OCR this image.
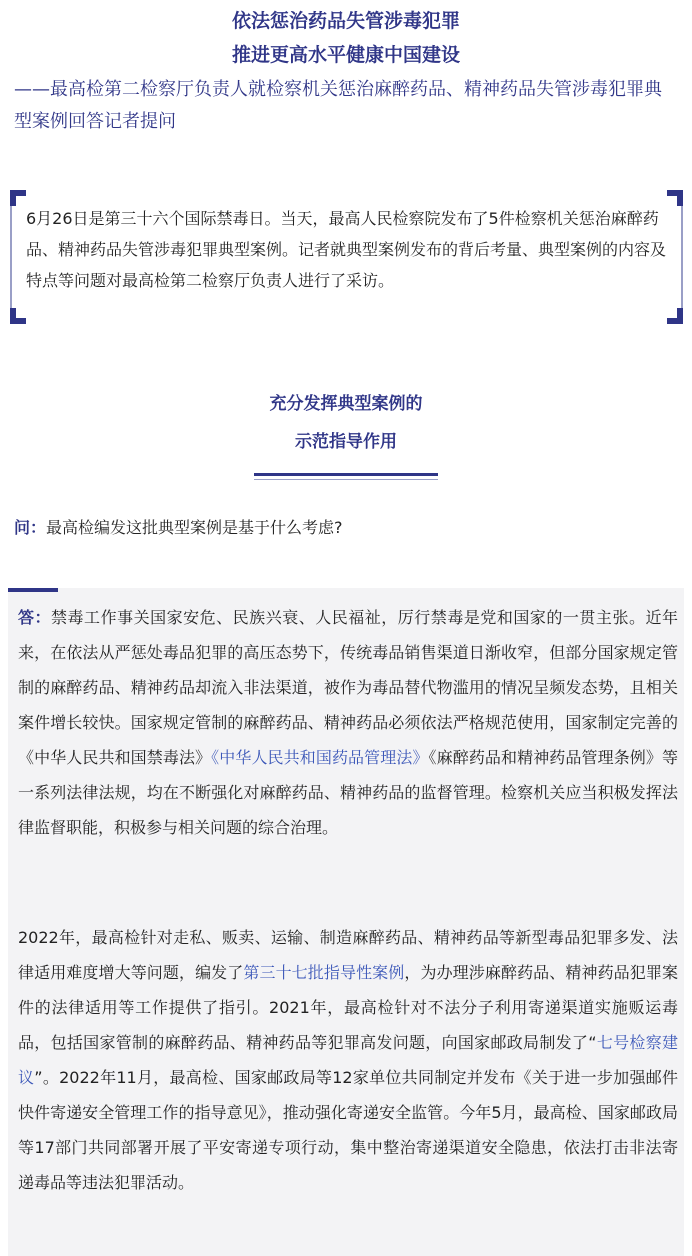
依法惩治药品失管涉毒犯罪
推进更高水平健康中国建设
——最高检第二检察厅负责人就检察机关惩治麻醉药品、精神药品失管涉毒犯罪典型案例回答记者提问
6月26日是第三十六个国际禁毒日。当天，最高人民检察院发布了5件检察机关惩治麻醉药品、精神药品失管涉毒犯罪典型案例。记者就典型案例发布的背后考量、典型案例的内容及特点等问题对最高检第二检察厅负责人进行了采访。
充分发挥典型案例的
示范指导作用
问：最高检编发这批典型案例是基于什么考虑?
答：禁毒工作事关国家安危、民族兴衰、人民福祉，厉行禁毒是党和国家的一贯主张。近年来，在依法从严惩处毒品犯罪的高压态势下，传统毒品销售渠道日渐收窄，但部分国家规定管制的麻醉药品、精神药品却流入非法渠道，被作为毒品替代物滥用的情况呈频发态势，且相关案件增长较快。国家规定管制的麻醉药品、精神药品必须依法严格规范使用，国家制定完善的《中华人民共和国禁毒法》《中华人民共和国药品管理法》《麻醉药品和精神药品管理条例》等一系列法律法规，均在不断强化对麻醉药品、精神药品的监督管理。检察机关应当积极发挥法律监督职能，积极参与相关问题的综合治理。
2022年，最高检针对走私、贩卖、运输、制造麻醉药品、精神药品等新型毒品犯罪多发、法律适用难度增大等问题，编发了第三十七批指导性案例，为办理涉麻醉药品、精神药品犯罪案件的法律适用等工作提供了指引。2021年，最高检针对不法分子利用寄递渠道实施贩运毒品，包括国家管制的麻醉药品、精神药品等犯罪高发问题，向国家邮政局制发了“七号检察建议”。2022年11月，最高检、国家邮政局等12家单位共同制定并发布《关于进一步加强邮件快件寄递安全管理工作的指导意见》，推动强化寄递安全监管。今年5月，最高检、国家邮政局等17部门共同部署开展了平安寄递专项行动，集中整治寄递渠道安全隐患，依法打击非法寄递毒品等违法犯罪活动。
